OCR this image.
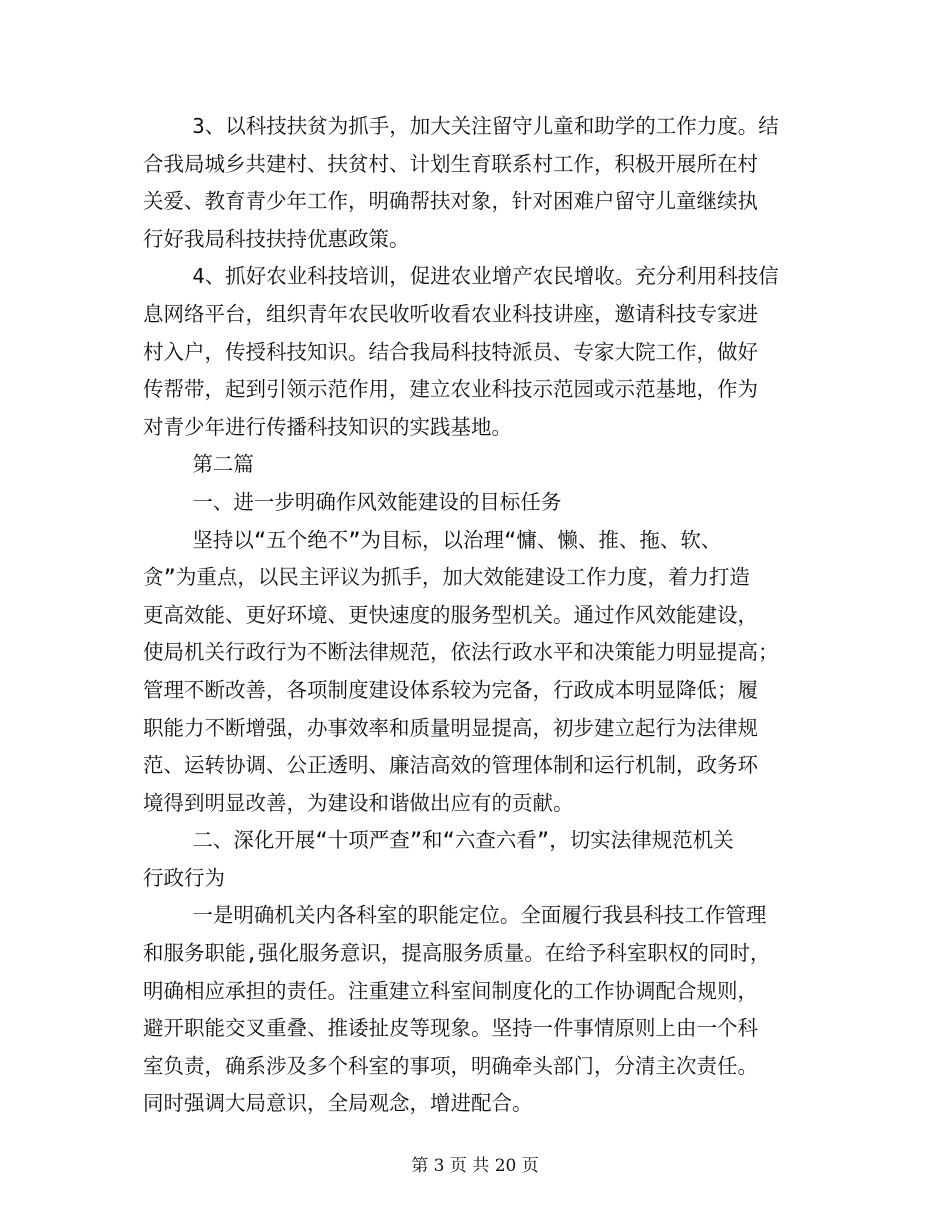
3、以科技扶贫为抓手，加大关注留守儿童和助学的工作力度。结
合我局城乡共建村、扶贫村、计划生育联系村工作，积极开展所在村
关爱、教育青少年工作，明确帮扶对象，针对困难户留守儿童继续执
行好我局科技扶持优惠政策。
4、抓好农业科技培训，促进农业增产农民增收。充分利用科技信
息网络平台，组织青年农民收听收看农业科技讲座，邀请科技专家进
村入户，传授科技知识。结合我局科技特派员、专家大院工作，做好
传帮带，起到引领示范作用，建立农业科技示范园或示范基地，作为
对青少年进行传播科技知识的实践基地。
第二篇
一、进一步明确作风效能建设的目标任务
坚持以“五个绝不”为目标，以治理“慵、懒、推、拖、软、
贪”为重点，以民主评议为抓手，加大效能建设工作力度，着力打造
更高效能、更好环境、更快速度的服务型机关。通过作风效能建设，
使局机关行政行为不断法律规范，依法行政水平和决策能力明显提高；
管理不断改善，各项制度建设体系较为完备，行政成本明显降低；履
职能力不断增强，办事效率和质量明显提高，初步建立起行为法律规
范、运转协调、公正透明、廉洁高效的管理体制和运行机制，政务环
境得到明显改善，为建设和谐做出应有的贡献。
二、深化开展“十项严查”和“六查六看”，切实法律规范机关
行政行为
一是明确机关内各科室的职能定位。全面履行我县科技工作管理
和服务职能,强化服务意识，提高服务质量。在给予科室职权的同时，
明确相应承担的责任。注重建立科室间制度化的工作协调配合规则，
避开职能交叉重叠、推诿扯皮等现象。坚持一件事情原则上由一个科
室负责，确系涉及多个科室的事项，明确牵头部门，分清主次责任。
同时强调大局意识，全局观念，增进配合。
第 3 页 共 20 页
